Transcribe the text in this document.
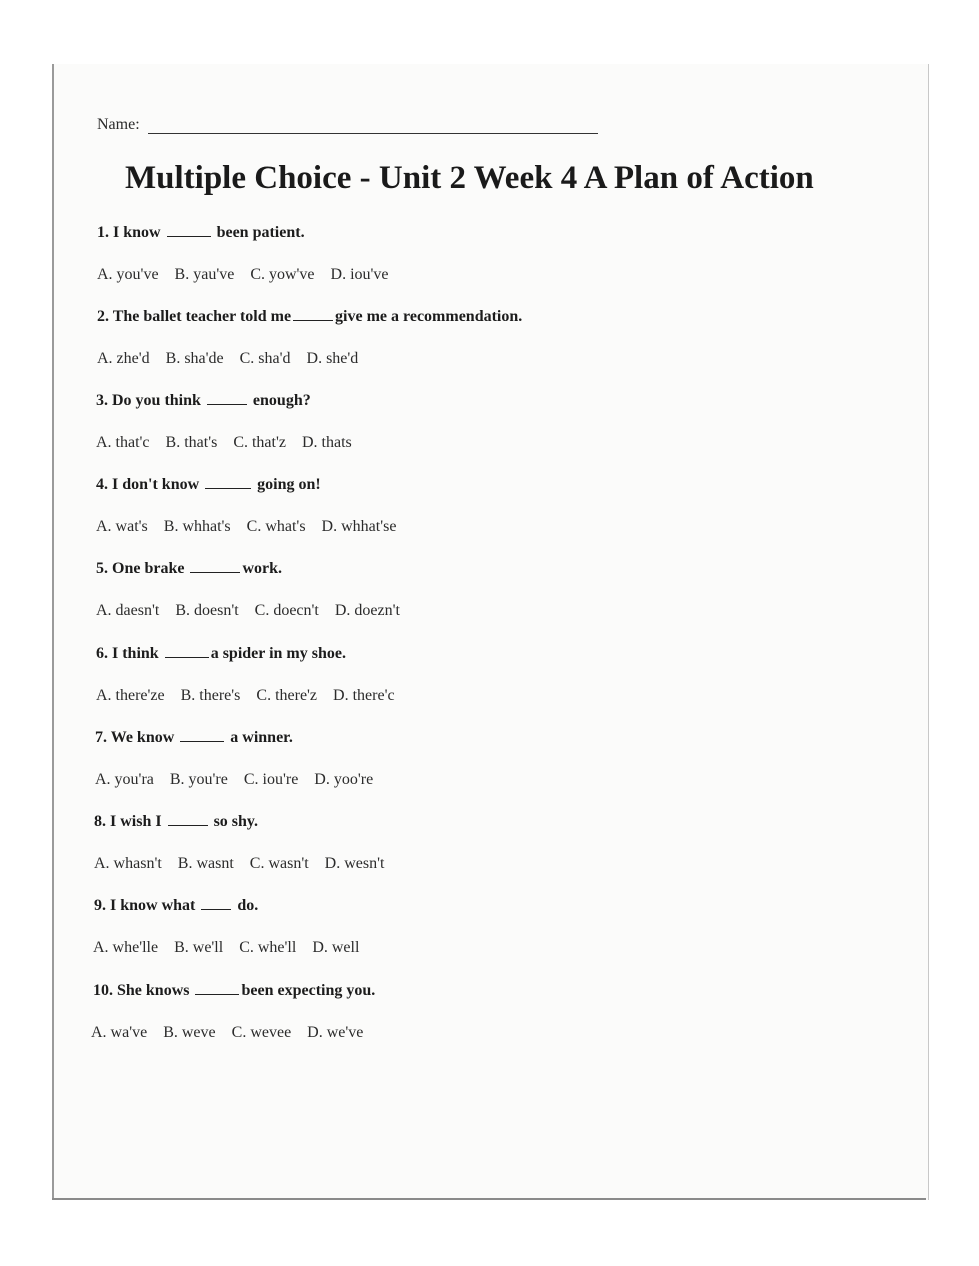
Name:
Multiple Choice - Unit 2 Week 4 A Plan of Action
1. I know	been patient.
A. you've B. yau've C. yow've D. iou've
2. The ballet teacher told me	give me a recommendation.
A. zhe'd B. sha'de C. sha'd D. she'd
3. Do you think	enough?
A. that'c B. that's C. that'z D. thats
4. I don't know	going on!
A. wat's B. whhat's C. what's D. whhat'se
5. One brake	work.
A. daesn't B. doesn't C. doecn't D. doezn't
6. I think	a spider in my shoe.
A. there'ze B. there's C. there'z D. there'c
7. We know	a winner.
A. you'ra B. you're C. iou're D. yoo're
8. I wish I	so shy.
A. whasn't B. wasnt C. wasn't D. wesn't
9. I know what	do.
A. whe'lle B. we'll C. whe'll D. well
10. She knows	been expecting you.
A. wa've B. weve C. wevee D. we've
